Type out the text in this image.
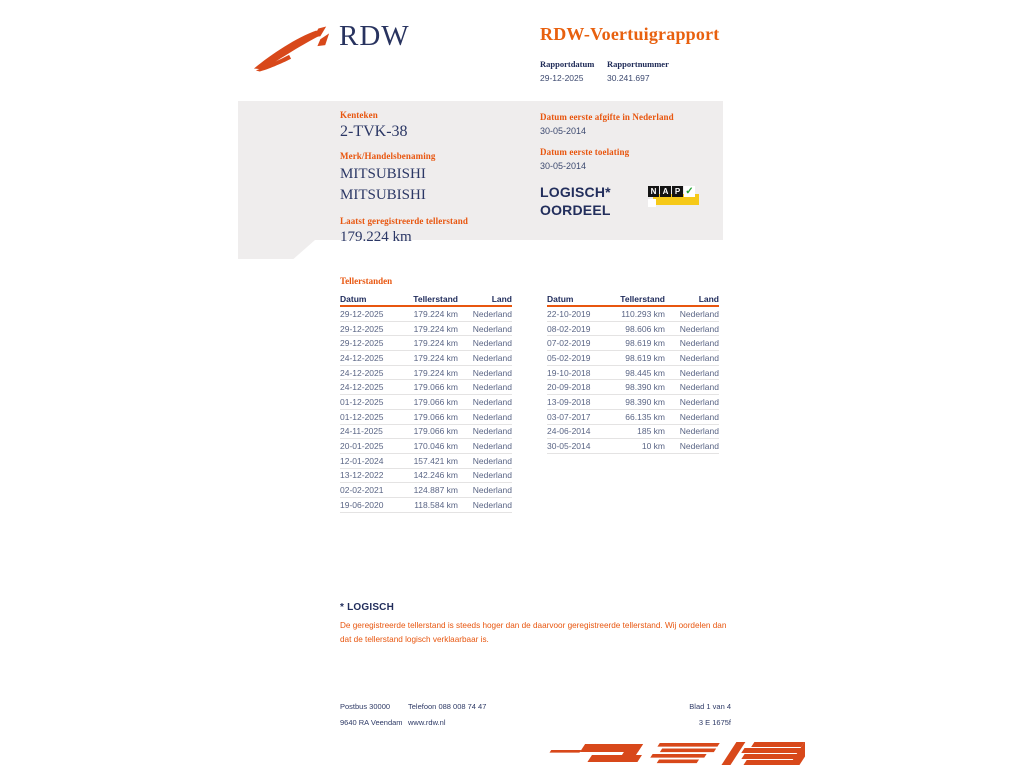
RDW	RDW-Voertuigrapport
Rapportdatum
29-12-2025
Rapportnummer
30.241.697
Kenteken
2-TVK-38
Merk/Handelsbenaming
MITSUBISHI
MITSUBISHI
Laatst geregistreerde tellerstand
179.224 km
Datum eerste afgifte in Nederland
30-05-2014
Datum eerste toelating
30-05-2014
LOGISCH*
OORDEEL
N A P ✓
Tellerstanden
Datum	Tellerstand	Land
29-12-2025	179.224 km	Nederland
29-12-2025	179.224 km	Nederland
29-12-2025	179.224 km	Nederland
24-12-2025	179.224 km	Nederland
24-12-2025	179.224 km	Nederland
24-12-2025	179.066 km	Nederland
01-12-2025	179.066 km	Nederland
01-12-2025	179.066 km	Nederland
24-11-2025	179.066 km	Nederland
20-01-2025	170.046 km	Nederland
12-01-2024	157.421 km	Nederland
13-12-2022	142.246 km	Nederland
02-02-2021	124.887 km	Nederland
19-06-2020	118.584 km	Nederland
Datum	Tellerstand	Land
22-10-2019	110.293 km	Nederland
08-02-2019	98.606 km	Nederland
07-02-2019	98.619 km	Nederland
05-02-2019	98.619 km	Nederland
19-10-2018	98.445 km	Nederland
20-09-2018	98.390 km	Nederland
13-09-2018	98.390 km	Nederland
03-07-2017	66.135 km	Nederland
24-06-2014	185 km	Nederland
30-05-2014	10 km	Nederland
* LOGISCH
De geregistreerde tellerstand is steeds hoger dan de daarvoor geregistreerde tellerstand. Wij oordelen dan dat de tellerstand logisch verklaarbaar is.
Postbus 30000
9640 RA Veendam
Telefoon 088 008 74 47
www.rdw.nl
Blad 1 van 4
3 E 1675f
